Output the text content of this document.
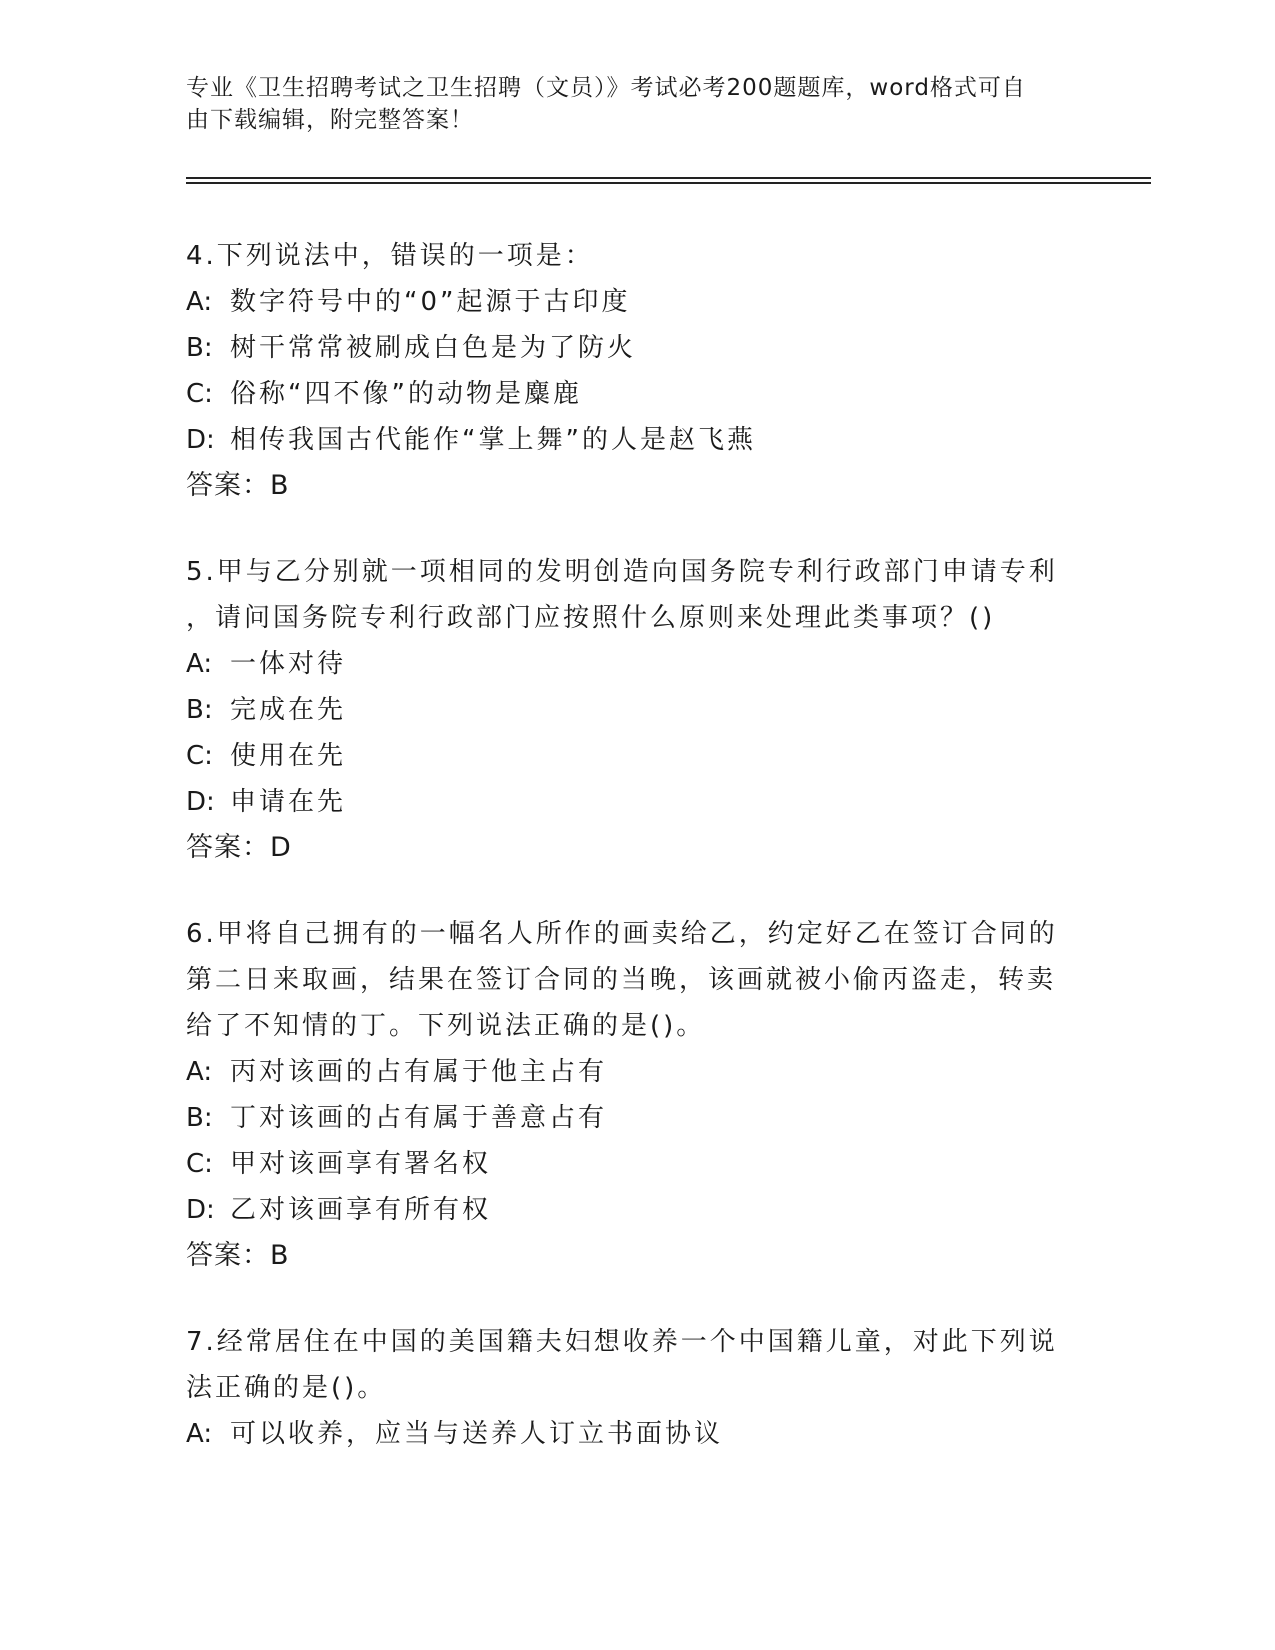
专业《卫生招聘考试之卫生招聘（文员）》考试必考200题题库，word格式可自
由下载编辑，附完整答案！
4.下列说法中，错误的一项是：
A: 数字符号中的“0”起源于古印度
B: 树干常常被刷成白色是为了防火
C: 俗称“四不像”的动物是麋鹿
D: 相传我国古代能作“掌上舞”的人是赵飞燕
答案：B
5.甲与乙分别就一项相同的发明创造向国务院专利行政部门申请专利
，请问国务院专利行政部门应按照什么原则来处理此类事项？()
A: 一体对待
B: 完成在先
C: 使用在先
D: 申请在先
答案：D
6.甲将自己拥有的一幅名人所作的画卖给乙，约定好乙在签订合同的
第二日来取画，结果在签订合同的当晚，该画就被小偷丙盗走，转卖
给了不知情的丁。下列说法正确的是()。
A: 丙对该画的占有属于他主占有
B: 丁对该画的占有属于善意占有
C: 甲对该画享有署名权
D: 乙对该画享有所有权
答案：B
7.经常居住在中国的美国籍夫妇想收养一个中国籍儿童，对此下列说
法正确的是()。
A: 可以收养，应当与送养人订立书面协议
